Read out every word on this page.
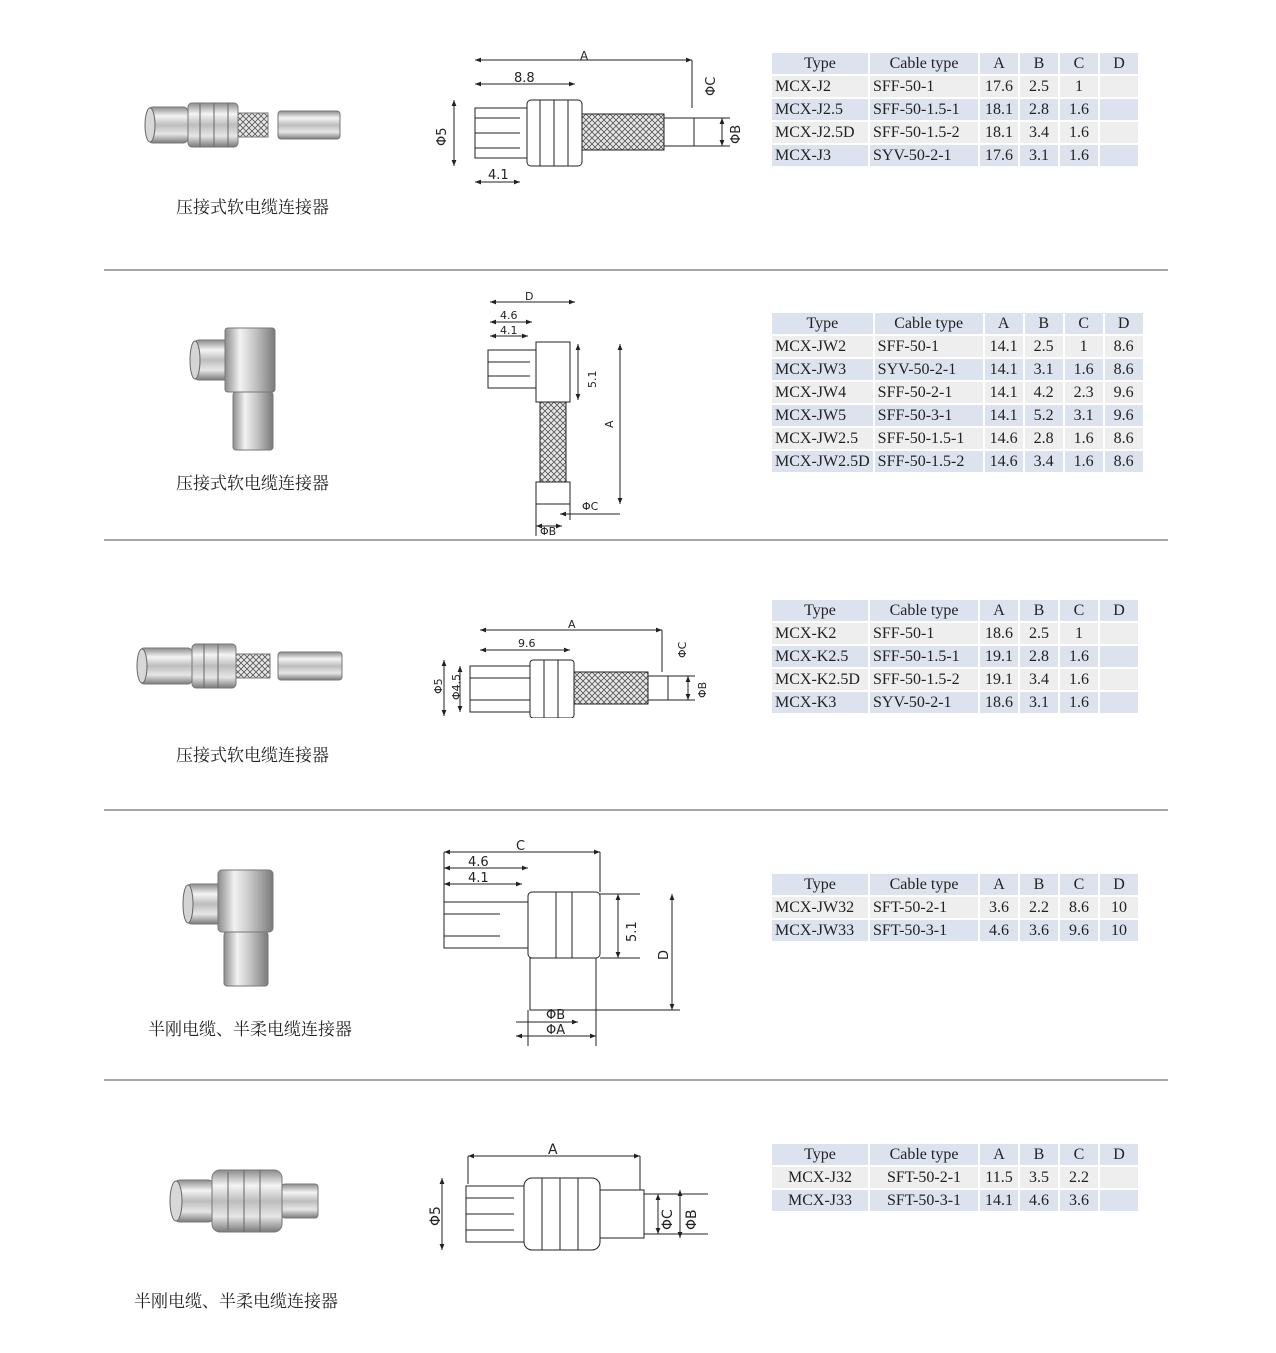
压接式软电缆连接器
A
8.8	ΦC
ΦB
Φ5
4.1
Type	Cable type	A	B	C	D
MCX-J2	SFF-50-1	17.6	2.5	1	
MCX-J2.5	SFF-50-1.5-1	18.1	2.8	1.6	
MCX-J2.5D	SFF-50-1.5-2	18.1	3.4	1.6	
MCX-J3	SYV-50-2-1	17.6	3.1	1.6	
压接式软电缆连接器
D
4.6
4.1
5.1
A
ΦC
ΦB
Type	Cable type	A	B	C	D
MCX-JW2	SFF-50-1	14.1	2.5	1	8.6
MCX-JW3	SYV-50-2-1	14.1	3.1	1.6	8.6
MCX-JW4	SFF-50-2-1	14.1	4.2	2.3	9.6
MCX-JW5	SFF-50-3-1	14.1	5.2	3.1	9.6
MCX-JW2.5	SFF-50-1.5-1	14.6	2.8	1.6	8.6
MCX-JW2.5D	SFF-50-1.5-2	14.6	3.4	1.6	8.6
压接式软电缆连接器
A
9.6	ΦC
ΦB
Φ5 Φ4.5
Type	Cable type	A	B	C	D
MCX-K2	SFF-50-1	18.6	2.5	1	
MCX-K2.5	SFF-50-1.5-1	19.1	2.8	1.6	
MCX-K2.5D	SFF-50-1.5-2	19.1	3.4	1.6	
MCX-K3	SYV-50-2-1	18.6	3.1	1.6	
半刚电缆、半柔电缆连接器
C
4.6
4.1
5.1
D
ΦB
ΦA
Type	Cable type	A	B	C	D
MCX-JW32	SFT-50-2-1	3.6	2.2	8.6	10
MCX-JW33	SFT-50-3-1	4.6	3.6	9.6	10
半刚电缆、半柔电缆连接器
A
Φ5	ΦC ΦB
Type	Cable type	A	B	C	D
MCX-J32	SFT-50-2-1	11.5	3.5	2.2	
MCX-J33	SFT-50-3-1	14.1	4.6	3.6	
